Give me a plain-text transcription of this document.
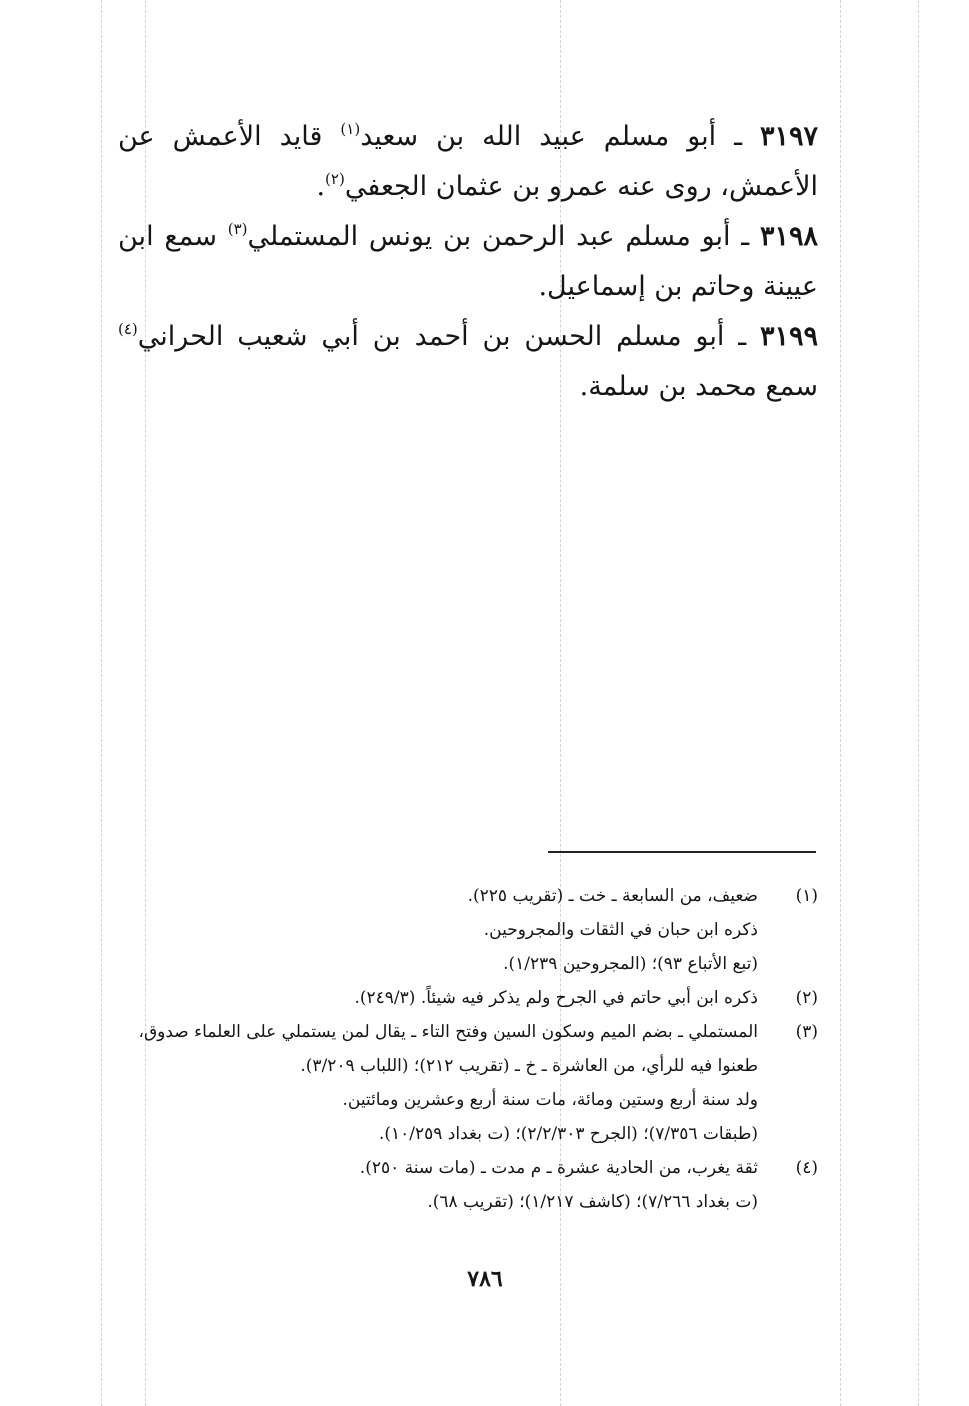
٣١٩٧ ـ أبو مسلم عبيد الله بن سعيد$^{(١)}$ قايد الأعمش عن الأعمش، روى عنه عمرو بن عثمان الجعفي$^{(٢)}$.
٣١٩٨ ـ أبو مسلم عبد الرحمن بن يونس المستملي$^{(٣)}$ سمع ابن عيينة وحاتم بن إسماعيل.
٣١٩٩ ـ أبو مسلم الحسن بن أحمد بن أبي شعيب الحراني$^{(٤)}$ سمع محمد بن سلمة.
(١)
ضعيف، من السابعة ـ خت ـ (تقريب ٢٢٥).
ذكره ابن حبان في الثقات والمجروحين.
(تبع الأتباع ٩٣)؛ (المجروحين ١/٢٣٩).
(٢)
ذكره ابن أبي حاتم في الجرح ولم يذكر فيه شيئاً. (٢٤٩/٣).
(٣)
المستملي ـ بضم الميم وسكون السين وفتح التاء ـ يقال لمن يستملي على العلماء صدوق، طعنوا فيه للرأي، من العاشرة ـ خ ـ (تقريب ٢١٢)؛ (اللباب ٣/٢٠٩).
ولد سنة أربع وستين ومائة، مات سنة أربع وعشرين ومائتين.
(طبقات ٧/٣٥٦)؛ (الجرح ٢/٢/٣٠٣)؛ (ت بغداد ١٠/٢٥٩).
(٤)
ثقة يغرب، من الحادية عشرة ـ م مدت ـ (مات سنة ٢٥٠).
(ت بغداد ٧/٢٦٦)؛ (كاشف ١/٢١٧)؛ (تقريب ٦٨).
٧٨٦
